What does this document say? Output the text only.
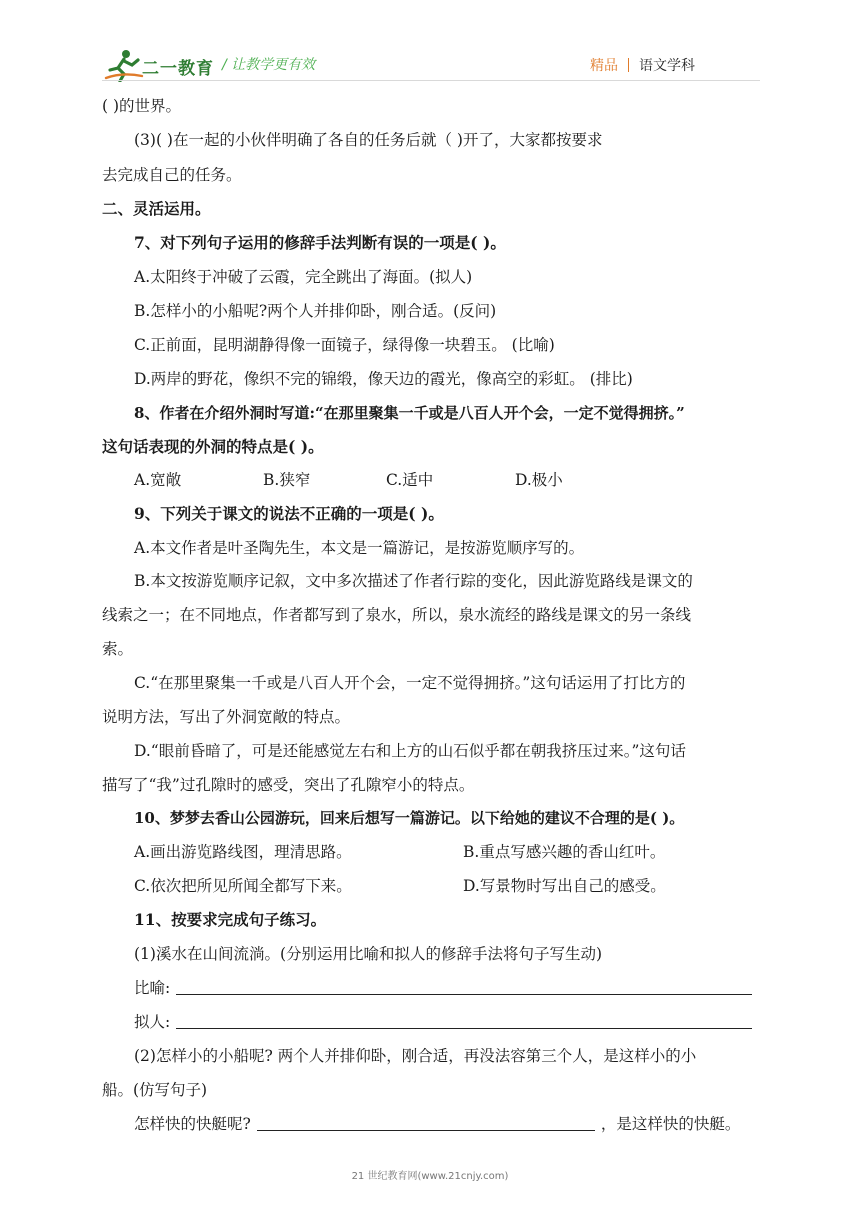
二一教育 / 让教学更有效	精品 语文学科
( )的世界。
(3)( )在一起的小伙伴明确了各自的任务后就（ )开了，大家都按要求
去完成自己的任务。
二、灵活运用。
7、对下列句子运用的修辞手法判断有误的一项是( )。
A.太阳终于冲破了云霞，完全跳出了海面。(拟人)
B.怎样小的小船呢?两个人并排仰卧，刚合适。(反问)
C.正前面，昆明湖静得像一面镜子，绿得像一块碧玉。 (比喻)
D.两岸的野花，像织不完的锦缎，像天边的霞光，像高空的彩虹。 (排比)
8、作者在介绍外洞时写道:“在那里聚集一千或是八百人开个会，一定不觉得拥挤。”
这句话表现的外洞的特点是( )。
A.宽敞	B.狭窄	C.适中	D.极小
9、下列关于课文的说法不正确的一项是( )。
A.本文作者是叶圣陶先生，本文是一篇游记，是按游览顺序写的。
B.本文按游览顺序记叙，文中多次描述了作者行踪的变化，因此游览路线是课文的
线索之一；在不同地点，作者都写到了泉水，所以，泉水流经的路线是课文的另一条线
索。
C.“在那里聚集一千或是八百人开个会，一定不觉得拥挤。”这句话运用了打比方的
说明方法，写出了外洞宽敞的特点。
D.“眼前昏暗了，可是还能感觉左右和上方的山石似乎都在朝我挤压过来。”这句话
描写了“我”过孔隙时的感受，突出了孔隙窄小的特点。
10、梦梦去香山公园游玩，回来后想写一篇游记。以下给她的建议不合理的是( )。
A.画出游览路线图，理清思路。	B.重点写感兴趣的香山红叶。
C.依次把所见所闻全都写下来。	D.写景物时写出自己的感受。
11、按要求完成句子练习。
(1)溪水在山间流淌。(分别运用比喻和拟人的修辞手法将句子写生动)
比喻:
拟人:
(2)怎样小的小船呢? 两个人并排仰卧，刚合适，再没法容第三个人，是这样小的小
船。(仿写句子)
怎样快的快艇呢?	，是这样快的快艇。
21 世纪教育网(www.21cnjy.com)
